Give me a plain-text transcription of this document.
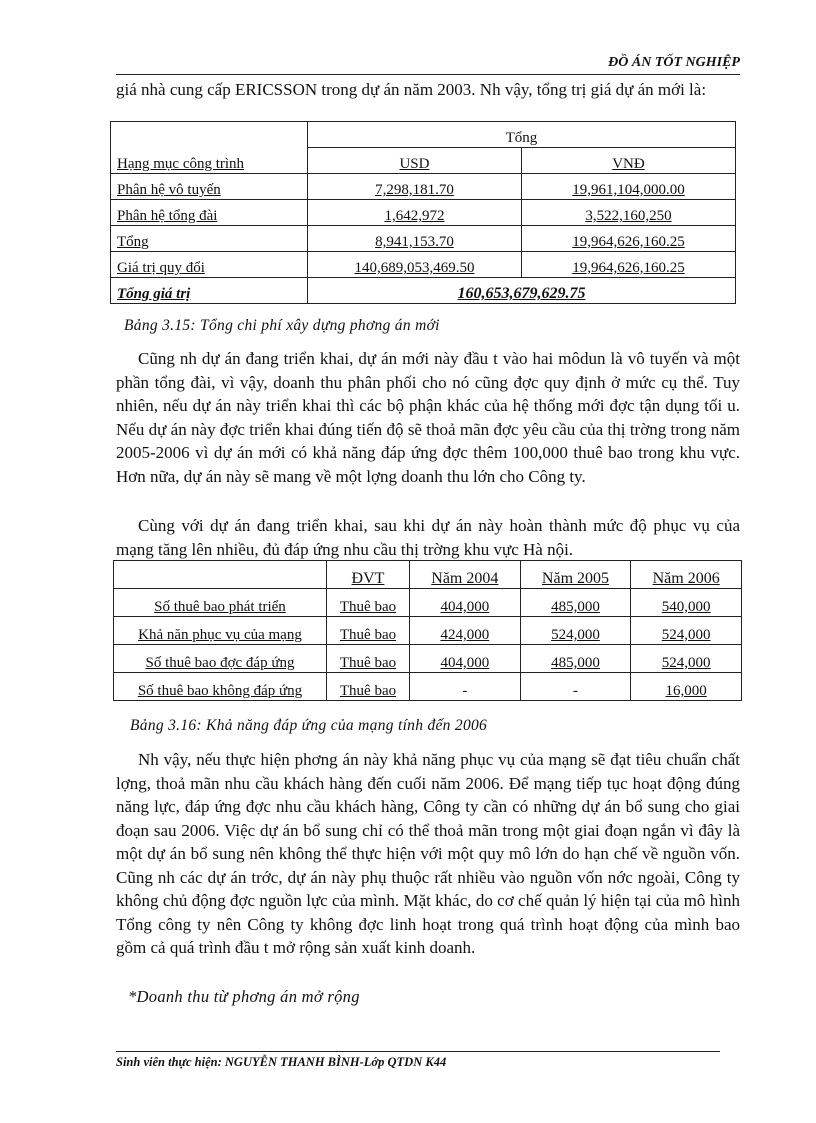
ĐỒ ÁN TỐT NGHIỆP
giá nhà cung cấp ERICSSON trong dự án năm 2003. Nh vậy, tổng trị giá dự án mới là:
Hạng mục công trình	Tổng	
	USD	VNĐ
Phân hệ vô tuyến	7,298,181.70	19,961,104,000.00
Phân hệ tổng đài	1,642,972	3,522,160,250
Tổng	8,941,153.70	19,964,626,160.25
Giá trị quy đổi	140,689,053,469.50	19,964,626,160.25
Tổng giá trị	160,653,679,629.75	
Bảng 3.15: Tổng chi phí xây dựng phơng án mới
Cũng nh dự án đang triển khai, dự án mới này đầu t vào hai môdun là vô tuyến và một phần tổng đài, vì vậy, doanh thu phân phối cho nó cũng đợc quy định ở mức cụ thể. Tuy nhiên, nếu dự án này triển khai thì các bộ phận khác của hệ thống mới đợc tận dụng tối u. Nếu dự án này đợc triển khai đúng tiến độ sẽ thoả mãn đợc yêu cầu của thị trờng trong năm 2005-2006 vì dự án mới có khả năng đáp ứng đợc thêm 100,000 thuê bao trong khu vực. Hơn nữa, dự án này sẽ mang về một lợng doanh thu lớn cho Công ty.
Cùng với dự án đang triển khai, sau khi dự án này hoàn thành mức độ phục vụ của mạng tăng lên nhiều, đủ đáp ứng nhu cầu thị trờng khu vực Hà nội.
	ĐVT	Năm 2004	Năm 2005	Năm 2006
Số thuê bao phát triển	Thuê bao	404,000	485,000	540,000
Khả năn phục vụ của mạng	Thuê bao	424,000	524,000	524,000
Số thuê bao đợc đáp ứng	Thuê bao	404,000	485,000	524,000
Số thuê bao không đáp ứng	Thuê bao	-	-	16,000
Bảng 3.16: Khả năng đáp ứng của mạng tính đến 2006
Nh vậy, nếu thực hiện phơng án này khả năng phục vụ của mạng sẽ đạt tiêu chuẩn chất lợng, thoả mãn nhu cầu khách hàng đến cuối năm 2006. Để mạng tiếp tục hoạt động đúng năng lực, đáp ứng đợc nhu cầu khách hàng, Công ty cần có những dự án bổ sung cho giai đoạn sau 2006. Việc dự án bổ sung chỉ có thể thoả mãn trong một giai đoạn ngắn vì đây là một dự án bổ sung nên không thể thực hiện với một quy mô lớn do hạn chế về nguồn vốn. Cũng nh các dự án trớc, dự án này phụ thuộc rất nhiều vào nguồn vốn nớc ngoài, Công ty không chủ động đợc nguồn lực của mình. Mặt khác, do cơ chế quản lý hiện tại của mô hình Tổng công ty nên Công ty không đợc linh hoạt trong quá trình hoạt động của mình bao gồm cả quá trình đầu t mở rộng sản xuất kinh doanh.
*Doanh thu từ phơng án mở rộng
Sinh viên thực hiện: NGUYỄN THANH BÌNH-Lớp QTDN K44
